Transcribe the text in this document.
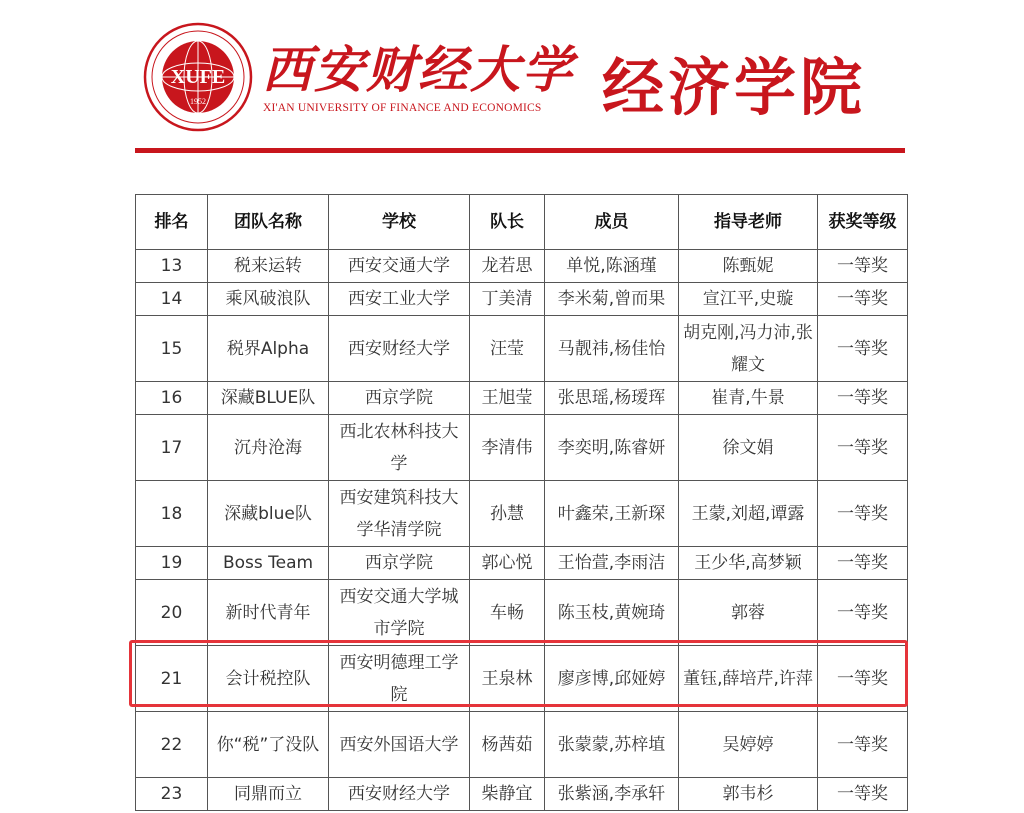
XUFE
1952
西安财经大学
XI'AN UNIVERSITY OF FINANCE AND ECONOMICS 经济学院
排名	团队名称	学校	队长	成员	指导老师	获奖等级
13	税来运转	西安交通大学	龙若思	单悦,陈涵瑾	陈甄妮	一等奖
14	乘风破浪队	西安工业大学	丁美清	李米菊,曾而果	宣江平,史璇	一等奖
15	税界Alpha	西安财经大学	汪莹	马靓祎,杨佳怡	胡克刚,冯力沛,张耀文	一等奖
16	深藏BLUE队	西京学院	王旭莹	张思瑶,杨瑷珲	崔青,牛景	一等奖
17	沉舟沧海	西北农林科技大学	李清伟	李奕明,陈睿妍	徐文娟	一等奖
18	深藏blue队	西安建筑科技大学华清学院	孙慧	叶鑫荣,王新琛	王蒙,刘超,谭露	一等奖
19	Boss Team	西京学院	郭心悦	王怡萱,李雨洁	王少华,高梦颖	一等奖
20	新时代青年	西安交通大学城市学院	车畅	陈玉枝,黄婉琦	郭蓉	一等奖
21	会计税控队	西安明德理工学院	王泉林	廖彦博,邱娅婷	董钰,薛培芹,许萍	一等奖
22	你“税”了没队	西安外国语大学	杨茜茹	张蒙蒙,苏梓埴	吴婷婷	一等奖
23	同鼎而立	西安财经大学	柴静宜	张紫涵,李承轩	郭韦杉	一等奖
